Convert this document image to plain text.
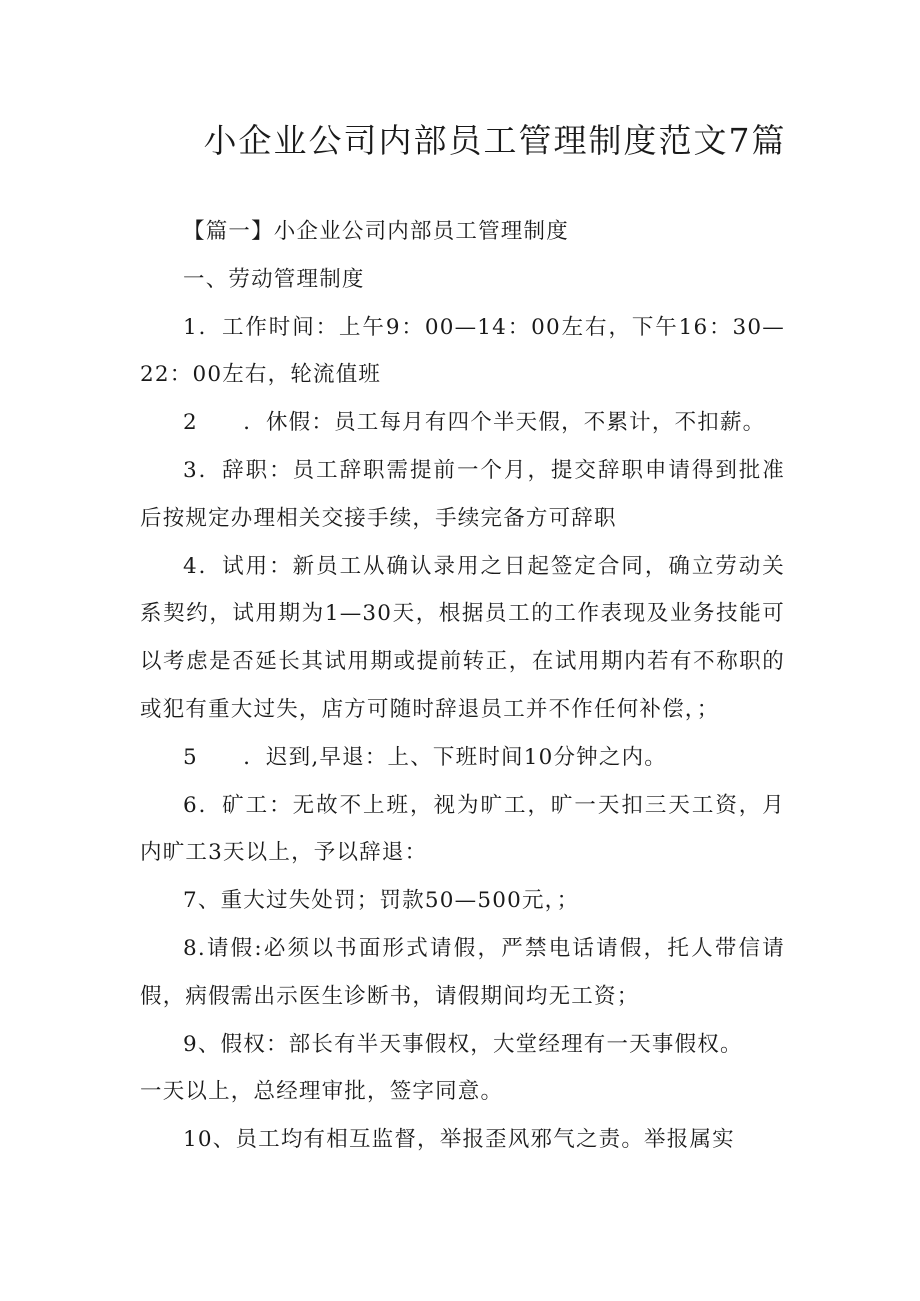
小企业公司内部员工管理制度范文7篇

【篇一】小企业公司内部员工管理制度

一、劳动管理制度

1．工作时间：上午9：00—14：00左右，下午16：30—22：00左右，轮流值班

2　　．休假：员工每月有四个半天假，不累计，不扣薪。

3．辞职：员工辞职需提前一个月，提交辞职申请得到批准后按规定办理相关交接手续，手续完备方可辞职

4．试用：新员工从确认录用之日起签定合同，确立劳动关系契约，试用期为1—30天，根据员工的工作表现及业务技能可以考虑是否延长其试用期或提前转正，在试用期内若有不称职的或犯有重大过失，店方可随时辞退员工并不作任何补偿，；

5　　．迟到,早退：上、下班时间10分钟之内。

6．矿工：无故不上班，视为旷工，旷一天扣三天工资，月内旷工3天以上，予以辞退：

7、重大过失处罚；罚款50—500元，；

8.请假:必须以书面形式请假，严禁电话请假，托人带信请假，病假需出示医生诊断书，请假期间均无工资；

9、假权：部长有半天事假权，大堂经理有一天事假权。

一天以上，总经理审批，签字同意。

10、员工均有相互监督，举报歪风邪气之责。举报属实
